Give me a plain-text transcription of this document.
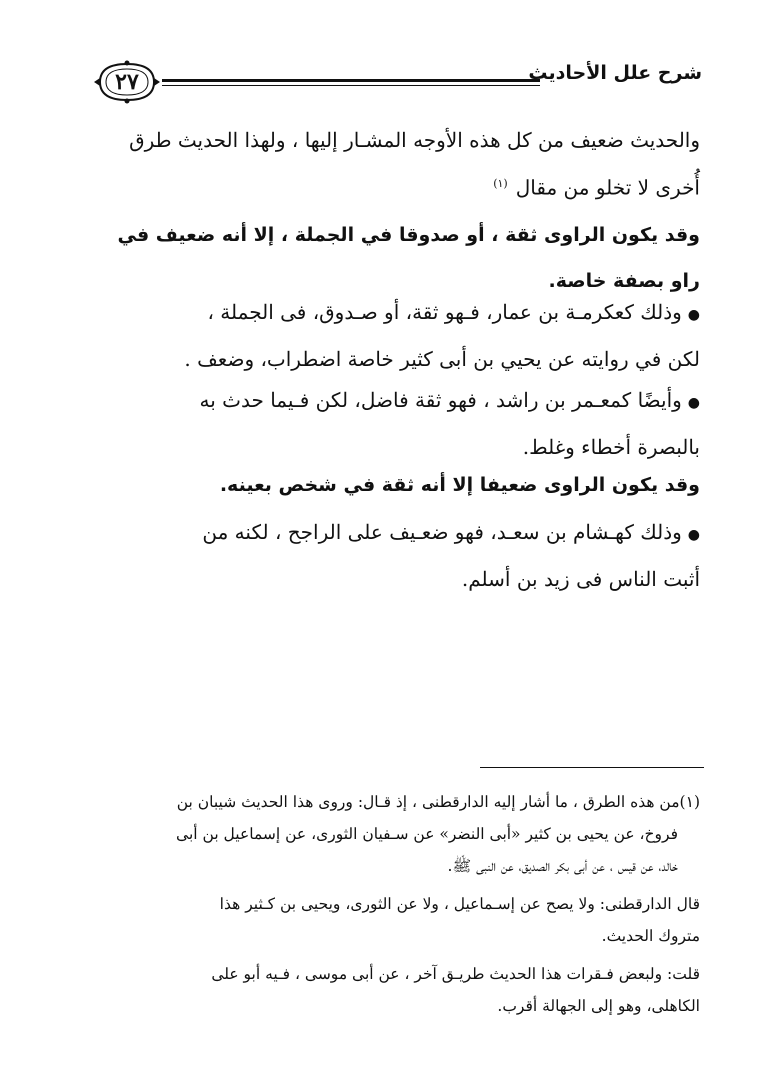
٢٧	شرح علل الأحاديث

والحديث ضعيف من كل هذه الأوجه المشـار إليها ، ولهذا الحديث طرق
أُخرى لا تخلو من مقال$^{(١)}$

وقد يكون الراوى ثقة ، أو صدوقا في الجملة ، إلا أنه ضعيف في
راو بصفة خاصة.

●وذلك كعكرمـة بن عمار، فـهو ثقة، أو صـدوق، فى الجملة ،
لكن في روايته عن يحيي بن أبى كثير خاصة اضطراب، وضعف .

●وأيضًا كمعـمر بن راشد ، فهو ثقة فاضل، لكن فـيما حدث به
بالبصرة أخطاء وغلط.

وقد يكون الراوى ضعيفا إلا أنه ثقة في شخص بعينه.

●وذلك كهـشام بن سعـد، فهو ضعـيف على الراجح ، لكنه من
أثبت الناس فى زيد بن أسلم.

(١)من هذه الطرق ، ما أشار إليه الدارقطنى ، إذ قـال: وروى هذا الحديث شيبان بن
فروخ، عن يحيى بن كثير «أبى النضر» عن سـفيان الثورى، عن إسماعيل بن أبى
خالد، عن قيس ، عن أبى بكر الصديق، عن النبى ﷺ.

قال الدارقطنى: ولا يصح عن إسـماعيل ، ولا عن الثورى، ويحيى بن كـثير هذا
متروك الحديث.

قلت: ولبعض فـقرات هذا الحديث طريـق آخر ، عن أبى موسى ، فـيه أبو على
الكاهلى، وهو إلى الجهالة أقرب.
